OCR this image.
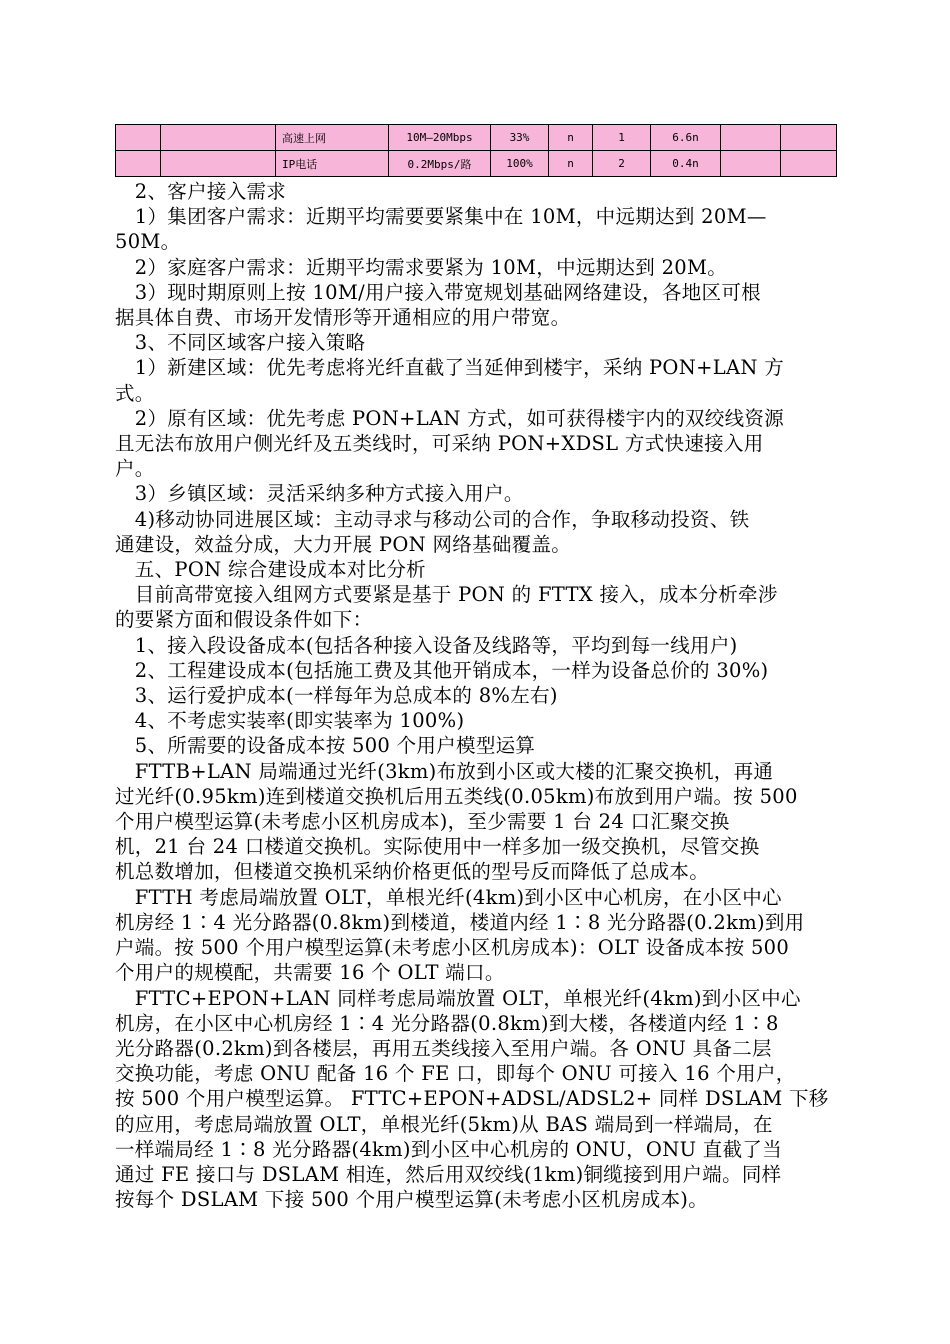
		高速上网	10M—20Mbps	33%	n	1	6.6n		
		IP电话	0.2Mbps/路	100%	n	2	0.4n		

　2、客户接入需求

　1）集团客户需求：近期平均需要要紧集中在 10M，中远期达到 20M—
50M。

　2）家庭客户需求：近期平均需求要紧为 10M，中远期达到 20M。

　3）现时期原则上按 10M/用户接入带宽规划基础网络建设，各地区可根
据具体自费、市场开发情形等开通相应的用户带宽。

　3、不同区域客户接入策略

　1）新建区域：优先考虑将光纤直截了当延伸到楼宇，采纳 PON+LAN 方
式。

　2）原有区域：优先考虑 PON+LAN 方式，如可获得楼宇内的双绞线资源
且无法布放用户侧光纤及五类线时，可采纳 PON+XDSL 方式快速接入用
户。

　3）乡镇区域：灵活采纳多种方式接入用户。

　4)移动协同进展区域：主动寻求与移动公司的合作，争取移动投资、铁
通建设，效益分成，大力开展 PON 网络基础覆盖。

　五、PON 综合建设成本对比分析

　目前高带宽接入组网方式要紧是基于 PON 的 FTTX 接入，成本分析牵涉
的要紧方面和假设条件如下：

　1、接入段设备成本(包括各种接入设备及线路等，平均到每一线用户)

　2、工程建设成本(包括施工费及其他开销成本，一样为设备总价的 30%)

　3、运行爱护成本(一样每年为总成本的 8%左右)

　4、不考虑实装率(即实装率为 100%)

　5、所需要的设备成本按 500 个用户模型运算

　FTTB+LAN 局端通过光纤(3km)布放到小区或大楼的汇聚交换机，再通
过光纤(0.95km)连到楼道交换机后用五类线(0.05km)布放到用户端。按 500
个用户模型运算(未考虑小区机房成本)，至少需要 1 台 24 口汇聚交换
机，21 台 24 口楼道交换机。实际使用中一样多加一级交换机，尽管交换
机总数增加，但楼道交换机采纳价格更低的型号反而降低了总成本。

　FTTH 考虑局端放置 OLT，单根光纤(4km)到小区中心机房，在小区中心
机房经 1∶4 光分路器(0.8km)到楼道，楼道内经 1∶8 光分路器(0.2km)到用
户端。按 500 个用户模型运算(未考虑小区机房成本)：OLT 设备成本按 500
个用户的规模配，共需要 16 个 OLT 端口。

　FTTC+EPON+LAN 同样考虑局端放置 OLT，单根光纤(4km)到小区中心
机房，在小区中心机房经 1∶4 光分路器(0.8km)到大楼，各楼道内经 1∶8
光分路器(0.2km)到各楼层，再用五类线接入至用户端。各 ONU 具备二层
交换功能，考虑 ONU 配备 16 个 FE 口，即每个 ONU 可接入 16 个用户，
按 500 个用户模型运算。 FTTC+EPON+ADSL/ADSL2+ 同样 DSLAM 下移
的应用，考虑局端放置 OLT，单根光纤(5km)从 BAS 端局到一样端局，在
一样端局经 1∶8 光分路器(4km)到小区中心机房的 ONU，ONU 直截了当
通过 FE 接口与 DSLAM 相连，然后用双绞线(1km)铜缆接到用户端。同样
按每个 DSLAM 下接 500 个用户模型运算(未考虑小区机房成本)。
